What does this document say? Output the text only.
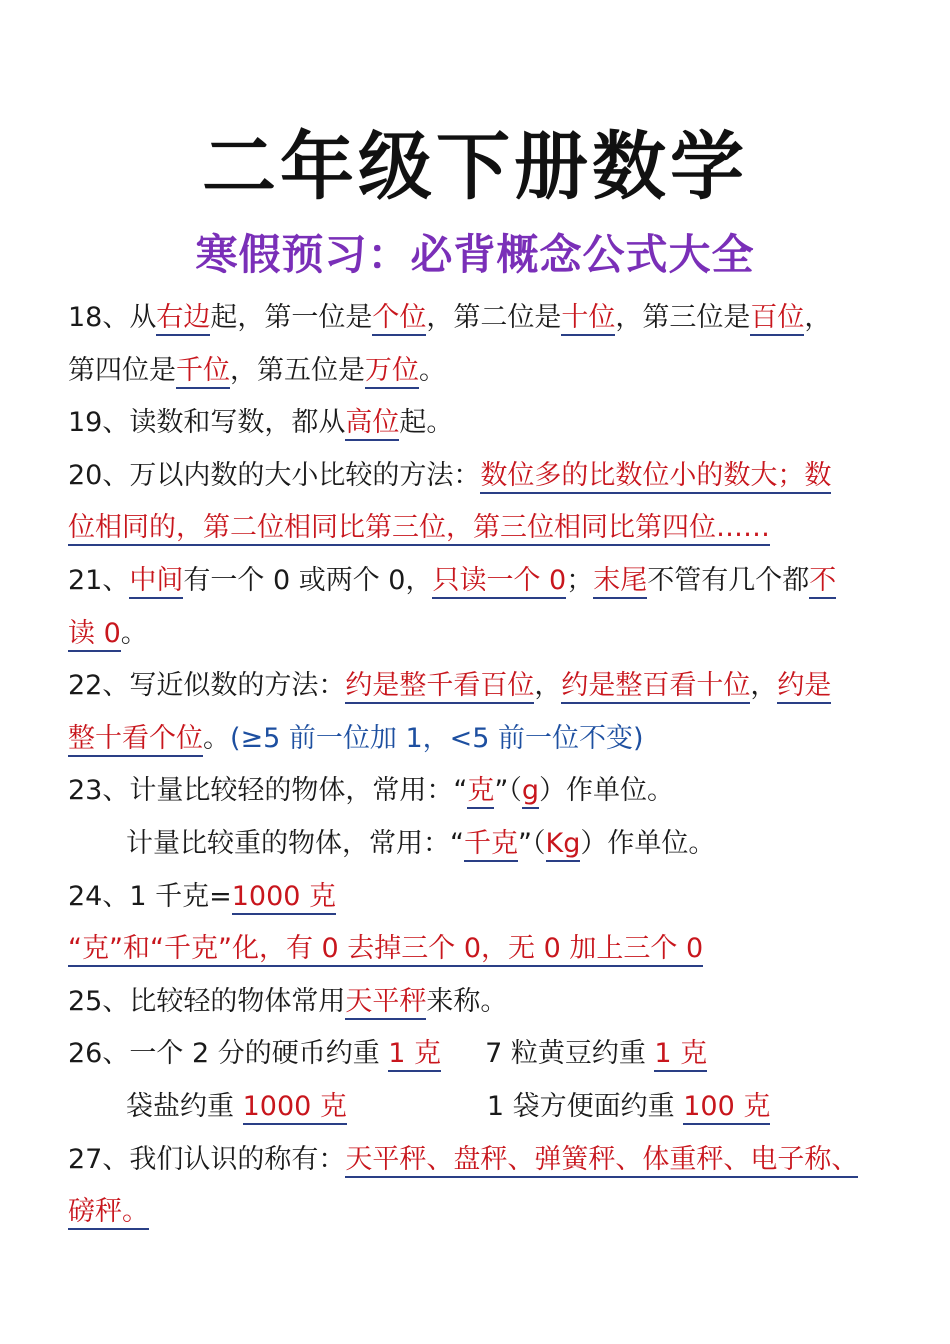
二年级下册数学
寒假预习：必背概念公式大全
18、从右边起，第一位是个位，第二位是十位，第三位是百位，
第四位是千位，第五位是万位。
19、读数和写数，都从高位起。
20、万以内数的大小比较的方法：数位多的比数位小的数大；数
位相同的，第二位相同比第三位，第三位相同比第四位……
21、中间有一个 0 或两个 0，只读一个 0；末尾不管有几个都不
读 0。
22、写近似数的方法：约是整千看百位，约是整百看十位，约是
整十看个位。(≥5 前一位加 1，<5 前一位不变)
23、计量比较轻的物体，常用：“克”（g）作单位。
计量比较重的物体，常用：“千克”（Kg）作单位。
24、1 千克=1000 克
“克”和“千克”化，有 0 去掉三个 0，无 0 加上三个 0
25、比较轻的物体常用天平秤来称。
26、一个 2 分的硬币约重 1 克 7 粒黄豆约重 1 克
袋盐约重 1000 克	1 袋方便面约重 100 克
27、我们认识的称有：天平秤、盘秤、弹簧秤、体重秤、电子称、
磅秤。
